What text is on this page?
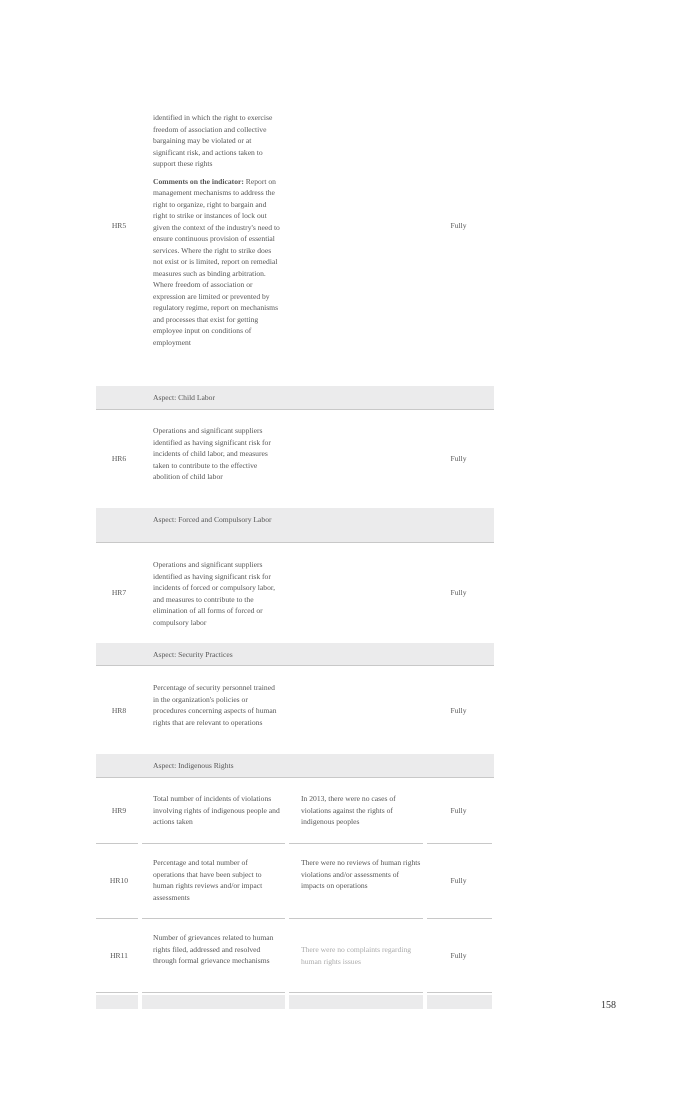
HR5

identified in which the right to exercise freedom of association and collective bargaining may be violated or at significant risk, and actions taken to support these rights

Comments on the indicator: Report on management mechanisms to address the right to organize, right to bargain and right to strike or instances of lock out given the context of the industry's need to ensure continuous provision of essential services. Where the right to strike does not exist or is limited, report on remedial measures such as binding arbitration. Where freedom of association or expression are limited or prevented by regulatory regime, report on mechanisms and processes that exist for getting employee input on conditions of employment

Fully
Aspect: Child Labor
HR6
Operations and significant suppliers identified as having significant risk for incidents of child labor, and measures taken to contribute to the effective abolition of child labor
Fully
Aspect: Forced and Compulsory Labor
HR7
Operations and significant suppliers identified as having significant risk for incidents of forced or compulsory labor, and measures to contribute to the elimination of all forms of forced or compulsory labor
Fully
Aspect: Security Practices
HR8
Percentage of security personnel trained in the organization's policies or procedures concerning aspects of human rights that are relevant to operations
Fully
Aspect: Indigenous Rights
HR9
Total number of incidents of violations involving rights of indigenous people and actions taken
In 2013, there were no cases of violations against the rights of indigenous peoples
Fully
HR10
Percentage and total number of operations that have been subject to human rights reviews and/or impact assessments
There were no reviews of human rights violations and/or assessments of impacts on operations
Fully
HR11
Number of grievances related to human rights filed, addressed and resolved through formal grievance mechanisms
There were no complaints regarding human rights issues
Fully
158
